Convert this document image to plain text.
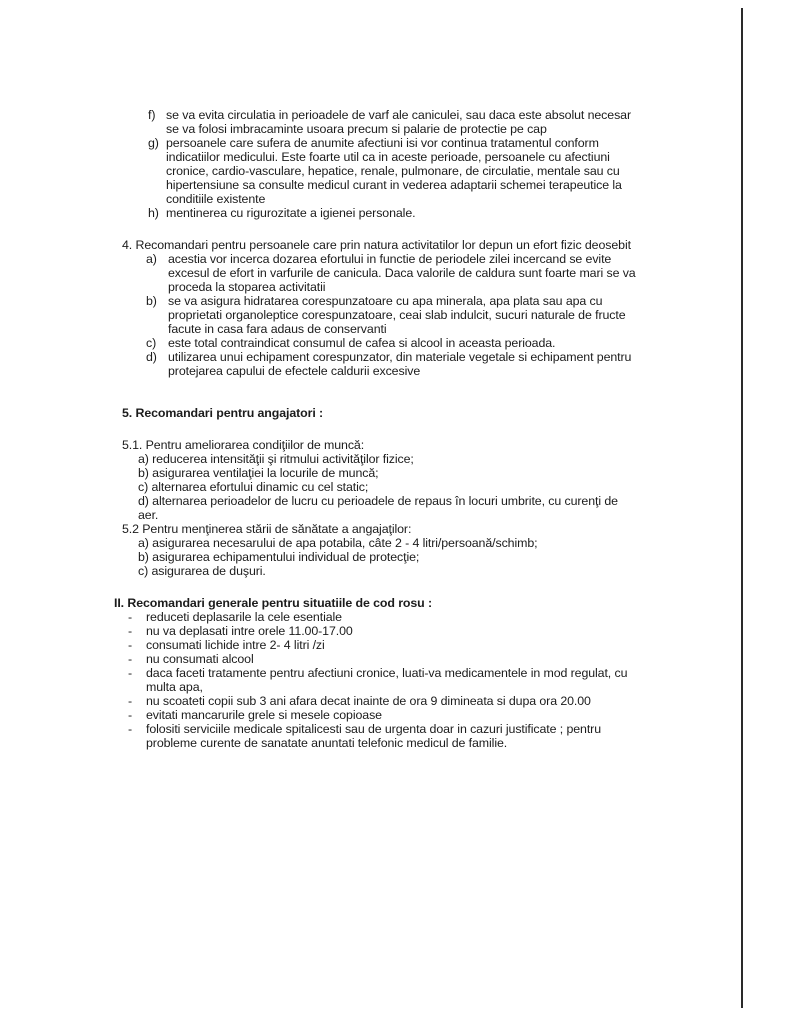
f) se va evita circulatia in perioadele de varf ale caniculei, sau daca este absolut necesar se va folosi imbracaminte usoara precum si palarie de protectie pe cap
g) persoanele care sufera de anumite afectiuni isi vor continua tratamentul conform indicatiilor medicului. Este foarte util ca in aceste perioade, persoanele cu afectiuni cronice, cardio-vasculare, hepatice, renale, pulmonare, de circulatie, mentale sau cu hipertensiune sa consulte medicul curant in vederea adaptarii schemei terapeutice la conditiile existente
h) mentinerea cu rigurozitate a igienei personale.

4. Recomandari pentru persoanele care prin natura activitatilor lor depun un efort fizic deosebit

a) acestia vor incerca dozarea efortului in functie de periodele zilei incercand se evite excesul de efort in varfurile de canicula. Daca valorile de caldura sunt foarte mari se va proceda la stoparea activitatii
b) se va asigura hidratarea corespunzatoare cu apa minerala, apa plata sau apa cu proprietati organoleptice corespunzatoare, ceai slab indulcit, sucuri naturale de fructe facute in casa fara adaus de conservanti
c) este total contraindicat consumul de cafea si alcool in aceasta perioada.
d) utilizarea unui echipament corespunzator, din materiale vegetale si echipament pentru protejarea capului de efectele caldurii excesive

5. Recomandari pentru angajatori :

5.1. Pentru ameliorarea condiţiilor de muncă:

a) reducerea intensităţii şi ritmului activităţilor fizice;

b) asigurarea ventilaţiei la locurile de muncă;

c) alternarea efortului dinamic cu cel static;

d) alternarea perioadelor de lucru cu perioadele de repaus în locuri umbrite, cu curenţi de aer.

5.2 Pentru menţinerea stării de sănătate a angajaţilor:

a) asigurarea necesarului de apa potabila, câte 2 - 4 litri/persoană/schimb;

b) asigurarea echipamentului individual de protecţie;

c) asigurarea de duşuri.

II. Recomandari generale pentru situatiile de cod rosu :

-	reduceti deplasarile la cele esentiale
-	nu va deplasati intre orele 11.00-17.00
-	consumati lichide intre 2- 4 litri /zi
-	nu consumati alcool
-	daca faceti tratamente pentru afectiuni cronice, luati-va medicamentele in mod regulat, cu multa apa,
-	nu scoateti copii sub 3 ani afara decat inainte de ora 9 dimineata si dupa ora 20.00
-	evitati mancarurile grele si mesele copioase
-	folositi serviciile medicale spitalicesti sau de urgenta doar in cazuri justificate ; pentru probleme curente de sanatate anuntati telefonic medicul de familie.
